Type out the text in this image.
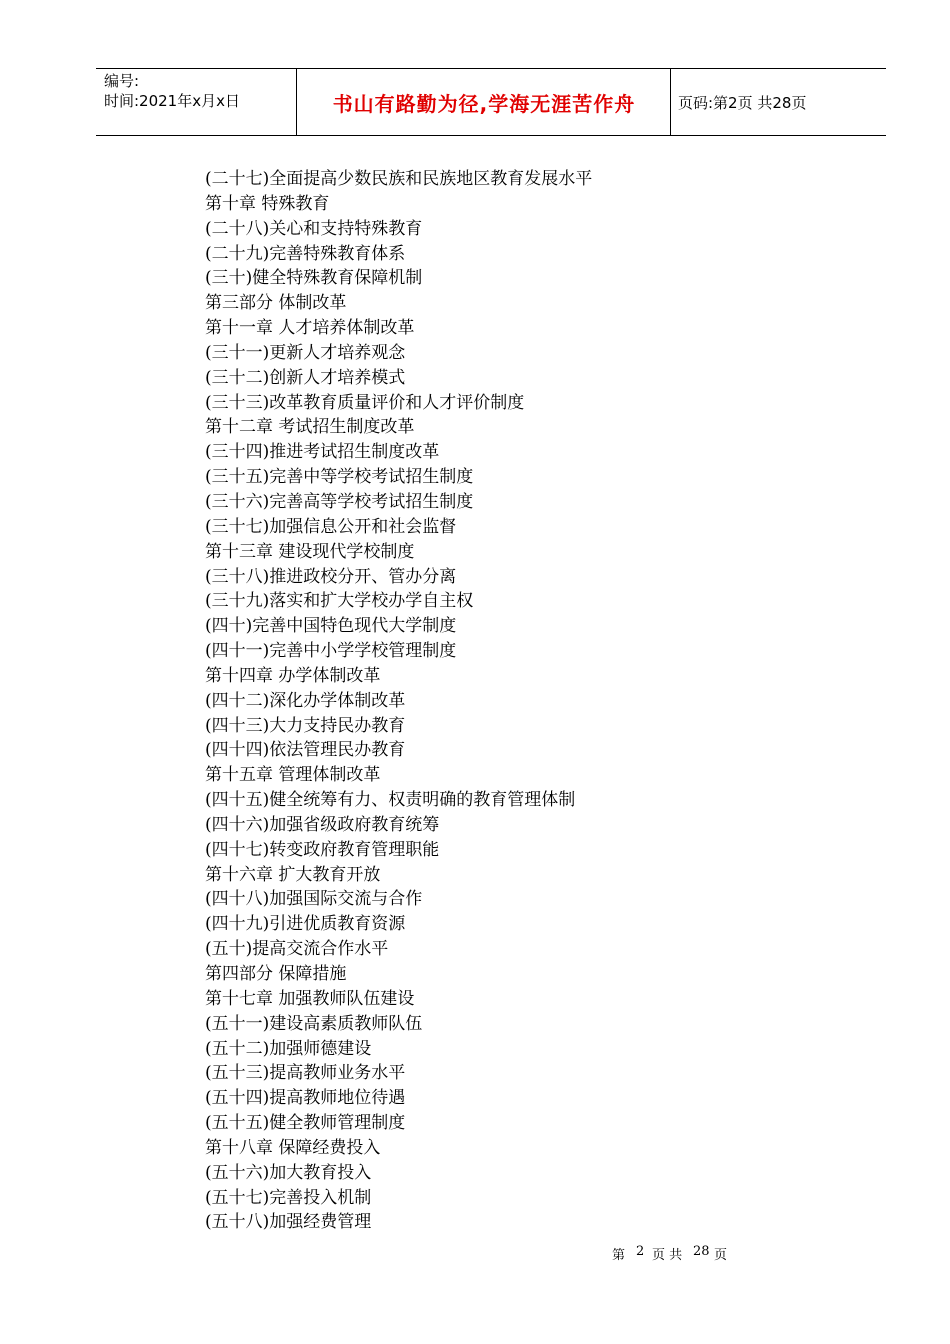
编号:
时间:2021年x月x日	书山有路勤为径,学海无涯苦作舟	页码:第2页 共28页
(二十七)全面提高少数民族和民族地区教育发展水平
第十章 特殊教育
(二十八)关心和支持特殊教育
(二十九)完善特殊教育体系
(三十)健全特殊教育保障机制
第三部分 体制改革
第十一章 人才培养体制改革
(三十一)更新人才培养观念
(三十二)创新人才培养模式
(三十三)改革教育质量评价和人才评价制度
第十二章 考试招生制度改革
(三十四)推进考试招生制度改革
(三十五)完善中等学校考试招生制度
(三十六)完善高等学校考试招生制度
(三十七)加强信息公开和社会监督
第十三章 建设现代学校制度
(三十八)推进政校分开、管办分离
(三十九)落实和扩大学校办学自主权
(四十)完善中国特色现代大学制度
(四十一)完善中小学学校管理制度
第十四章 办学体制改革
(四十二)深化办学体制改革
(四十三)大力支持民办教育
(四十四)依法管理民办教育
第十五章 管理体制改革
(四十五)健全统筹有力、权责明确的教育管理体制
(四十六)加强省级政府教育统筹
(四十七)转变政府教育管理职能
第十六章 扩大教育开放
(四十八)加强国际交流与合作
(四十九)引进优质教育资源
(五十)提高交流合作水平
第四部分 保障措施
第十七章 加强教师队伍建设
(五十一)建设高素质教师队伍
(五十二)加强师德建设
(五十三)提高教师业务水平
(五十四)提高教师地位待遇
(五十五)健全教师管理制度
第十八章 保障经费投入
(五十六)加大教育投入
(五十七)完善投入机制
(五十八)加强经费管理
第 2 页 共 28 页
